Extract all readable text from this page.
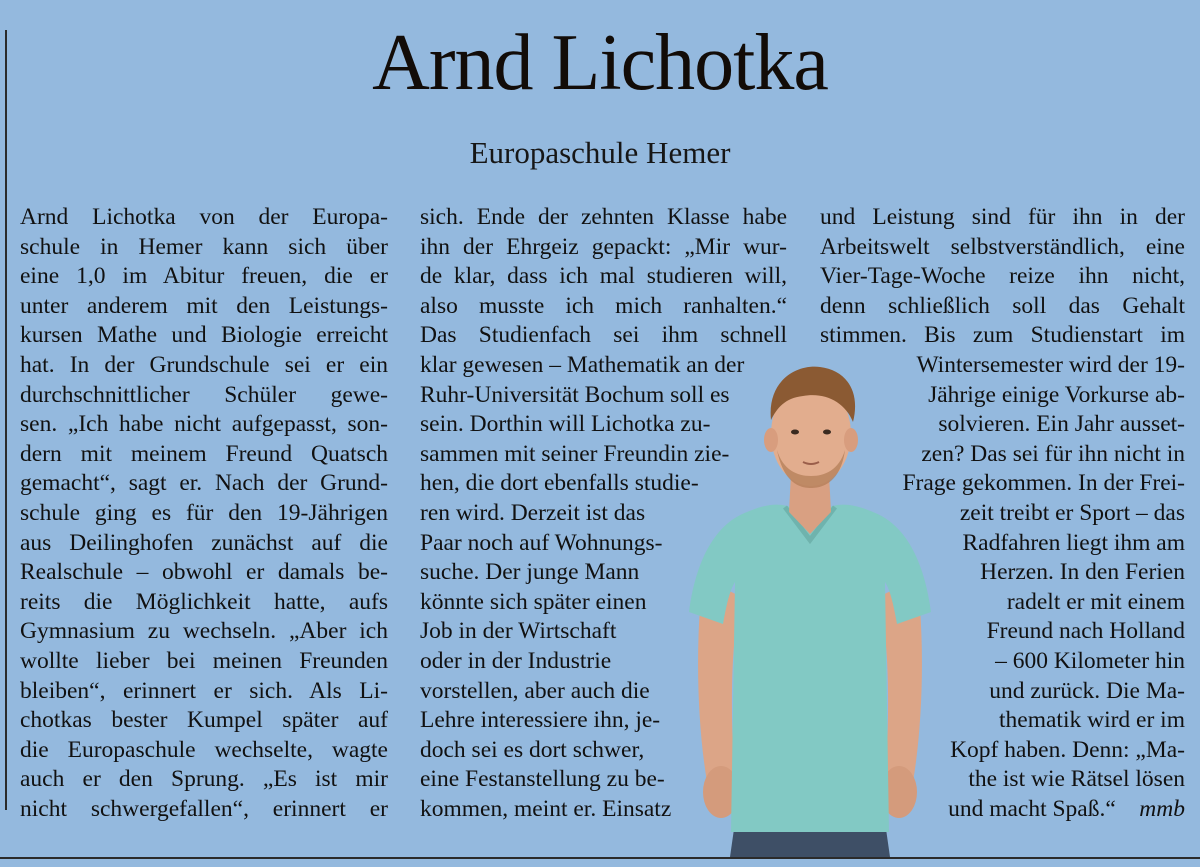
Arnd Lichotka
Europaschule Hemer
Arnd Lichotka von der Europa-
schule in Hemer kann sich über
eine 1,0 im Abitur freuen, die er
unter anderem mit den Leistungs-
kursen Mathe und Biologie erreicht
hat. In der Grundschule sei er ein
durchschnittlicher Schüler gewe-
sen. „Ich habe nicht aufgepasst, son-
dern mit meinem Freund Quatsch
gemacht“, sagt er. Nach der Grund-
schule ging es für den 19-Jährigen
aus Deilinghofen zunächst auf die
Realschule – obwohl er damals be-
reits die Möglichkeit hatte, aufs
Gymnasium zu wechseln. „Aber ich
wollte lieber bei meinen Freunden
bleiben“, erinnert er sich. Als Li-
chotkas bester Kumpel später auf
die Europaschule wechselte, wagte
auch er den Sprung. „Es ist mir
nicht schwergefallen“, erinnert er
sich. Ende der zehnten Klasse habe
ihn der Ehrgeiz gepackt: „Mir wur-
de klar, dass ich mal studieren will,
also musste ich mich ranhalten.“
Das Studienfach sei ihm schnell
klar gewesen – Mathematik an der
Ruhr-Universität Bochum soll es
sein. Dorthin will Lichotka zu-
sammen mit seiner Freundin zie-
hen, die dort ebenfalls studie-
ren wird. Derzeit ist das
Paar noch auf Wohnungs-
suche. Der junge Mann
könnte sich später einen
Job in der Wirtschaft
oder in der Industrie
vorstellen, aber auch die
Lehre interessiere ihn, je-
doch sei es dort schwer,
eine Festanstellung zu be-
kommen, meint er. Einsatz
und Leistung sind für ihn in der
Arbeitswelt selbstverständlich, eine
Vier-Tage-Woche reize ihn nicht,
denn schließlich soll das Gehalt
stimmen. Bis zum Studienstart im
Wintersemester wird der 19-
Jährige einige Vorkurse ab-
solvieren. Ein Jahr ausset-
zen? Das sei für ihn nicht in
Frage gekommen. In der Frei-
zeit treibt er Sport – das
Radfahren liegt ihm am
Herzen. In den Ferien
radelt er mit einem
Freund nach Holland
– 600 Kilometer hin
und zurück. Die Ma-
thematik wird er im
Kopf haben. Denn: „Ma-
the ist wie Rätsel lösen
und macht Spaß.“ mmb
